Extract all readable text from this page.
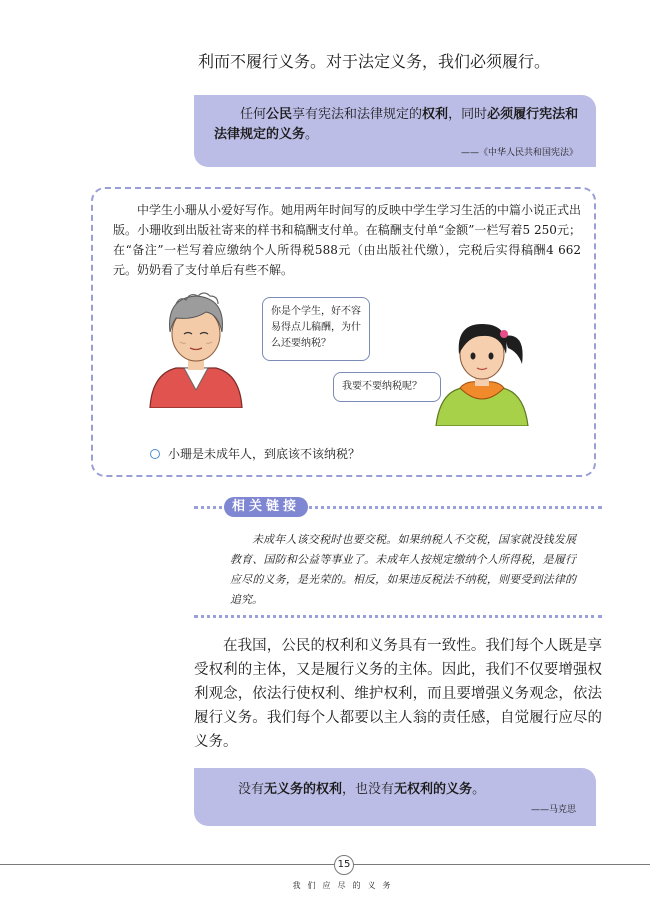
利而不履行义务。对于法定义务，我们必须履行。
任何公民享有宪法和法律规定的权利，同时必须履行宪法和法律规定的义务。
——《中华人民共和国宪法》
中学生小珊从小爱好写作。她用两年时间写的反映中学生学习生活的中篇小说正式出版。小珊收到出版社寄来的样书和稿酬支付单。在稿酬支付单“金额”一栏写着5 250元；在“备注”一栏写着应缴纳个人所得税588元（由出版社代缴），完税后实得稿酬4 662元。奶奶看了支付单后有些不解。
你是个学生，好不容易得点儿稿酬，为什么还要纳税？
我要不要纳税呢？
小珊是未成年人，到底该不该纳税？
相关链接
未成年人该交税时也要交税。如果纳税人不交税，国家就没钱发展教育、国防和公益等事业了。未成年人按规定缴纳个人所得税，是履行应尽的义务，是光荣的。相反，如果违反税法不纳税，则要受到法律的追究。
在我国，公民的权利和义务具有一致性。我们每个人既是享受权利的主体，又是履行义务的主体。因此，我们不仅要增强权利观念，依法行使权利、维护权利，而且要增强义务观念，依法履行义务。我们每个人都要以主人翁的责任感，自觉履行应尽的义务。
没有无义务的权利，也没有无权利的义务。
——马克思
15
我们应尽的义务
